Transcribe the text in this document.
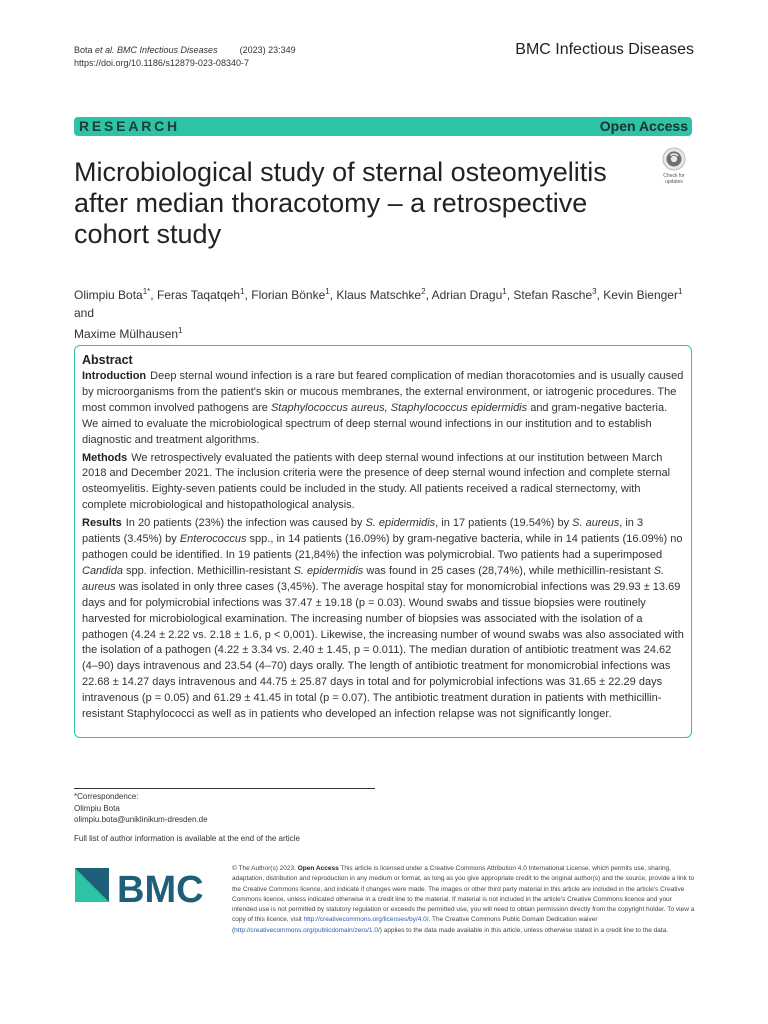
Bota et al. BMC Infectious Diseases (2023) 23:349
https://doi.org/10.1186/s12879-023-08340-7
BMC Infectious Diseases
RESEARCH	Open Access
Microbiological study of sternal osteomyelitis after median thoracotomy – a retrospective cohort study
Check for
updates
Olimpiu Bota$^{1*}$, Feras Taqatqeh$^1$, Florian Bönke$^1$, Klaus Matschke$^2$, Adrian Dragu$^1$, Stefan Rasche$^3$, Kevin Bienger$^1$ and
Maxime Mülhausen$^1$
Abstract

Introduction Deep sternal wound infection is a rare but feared complication of median thoracotomies and is usually caused by microorganisms from the patient's skin or mucous membranes, the external environment, or iatrogenic procedures. The most common involved pathogens are Staphylococcus aureus, Staphylococcus epidermidis and gram-negative bacteria. We aimed to evaluate the microbiological spectrum of deep sternal wound infections in our institution and to establish diagnostic and treatment algorithms.

Methods We retrospectively evaluated the patients with deep sternal wound infections at our institution between March 2018 and December 2021. The inclusion criteria were the presence of deep sternal wound infection and complete sternal osteomyelitis. Eighty-seven patients could be included in the study. All patients received a radical sternectomy, with complete microbiological and histopathological analysis.

Results In 20 patients (23%) the infection was caused by S. epidermidis, in 17 patients (19.54%) by S. aureus, in 3 patients (3.45%) by Enterococcus spp., in 14 patients (16.09%) by gram-negative bacteria, while in 14 patients (16.09%) no pathogen could be identified. In 19 patients (21,84%) the infection was polymicrobial. Two patients had a superimposed Candida spp. infection. Methicillin-resistant S. epidermidis was found in 25 cases (28,74%), while methicillin-resistant S. aureus was isolated in only three cases (3,45%). The average hospital stay for monomicrobial infections was 29.93 ± 13.69 days and for polymicrobial infections was 37.47 ± 19.18 (p = 0.03). Wound swabs and tissue biopsies were routinely harvested for microbiological examination. The increasing number of biopsies was associated with the isolation of a pathogen (4.24 ± 2.22 vs. 2.18 ± 1.6, p < 0,001). Likewise, the increasing number of wound swabs was also associated with the isolation of a pathogen (4.22 ± 3.34 vs. 2.40 ± 1.45, p = 0.011). The median duration of antibiotic treatment was 24.62 (4–90) days intravenous and 23.54 (4–70) days orally. The length of antibiotic treatment for monomicrobial infections was 22.68 ± 14.27 days intravenous and 44.75 ± 25.87 days in total and for polymicrobial infections was 31.65 ± 22.29 days intravenous (p = 0.05) and 61.29 ± 41.45 in total (p = 0.07). The antibiotic treatment duration in patients with methicillin-resistant Staphylococci as well as in patients who developed an infection relapse was not significantly longer.

*Correspondence:
Olimpiu Bota
olimpiu.bota@uniklinikum-dresden.de
Full list of author information is available at the end of the article
BMC
© The Author(s) 2023. Open Access This article is licensed under a Creative Commons Attribution 4.0 International License, which permits use, sharing, adaptation, distribution and reproduction in any medium or format, as long as you give appropriate credit to the original author(s) and the source, provide a link to the Creative Commons licence, and indicate if changes were made. The images or other third party material in this article are included in the article's Creative Commons licence, unless indicated otherwise in a credit line to the material. If material is not included in the article's Creative Commons licence and your intended use is not permitted by statutory regulation or exceeds the permitted use, you will need to obtain permission directly from the copyright holder. To view a copy of this licence, visit http://creativecommons.org/licenses/by/4.0/. The Creative Commons Public Domain Dedication waiver (http://creativecommons.org/publicdomain/zero/1.0/) applies to the data made available in this article, unless otherwise stated in a credit line to the data.
